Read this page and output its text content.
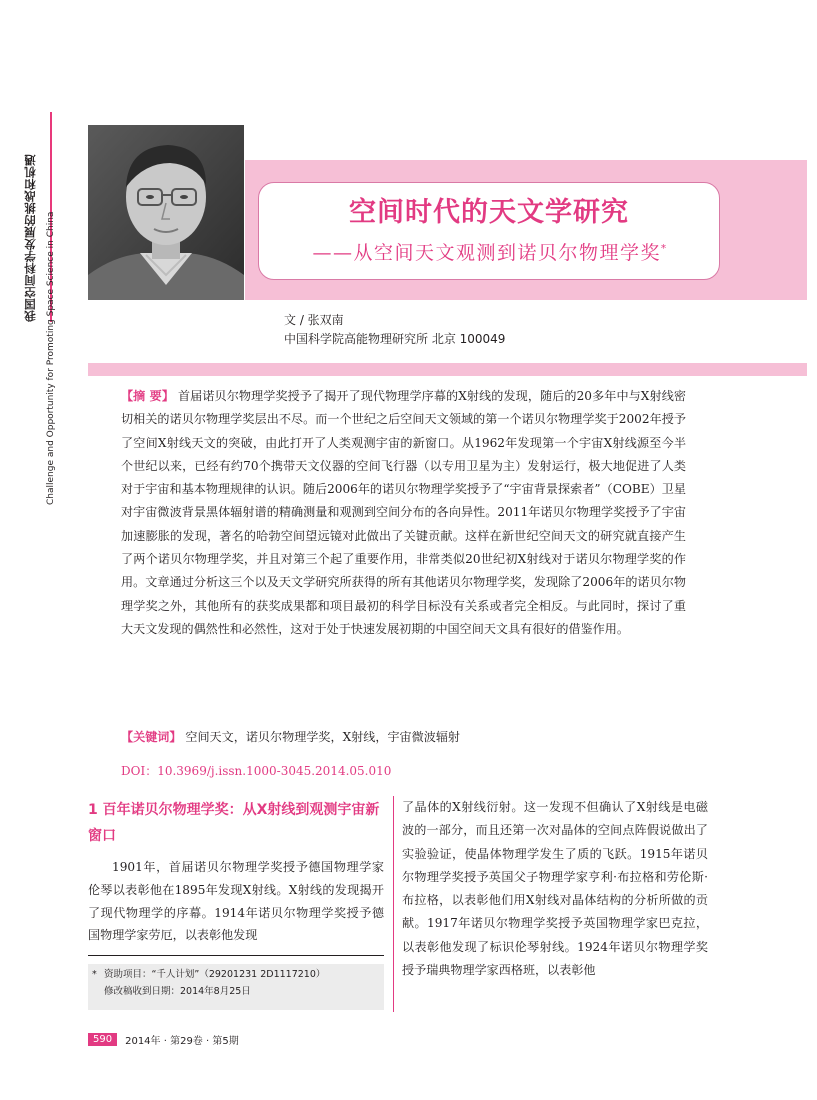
我国空间科学发展的挑战和机遇	Challenge and Opportunity for Promoting Space Science in China	空间时代的天文学研究
——从空间天文观测到诺贝尔物理学奖*
文 / 张双南
中国科学院高能物理研究所 北京 100049
【摘 要】 首届诺贝尔物理学奖授予了揭开了现代物理学序幕的X射线的发现，随后的20多年中与X射线密切相关的诺贝尔物理学奖层出不尽。而一个世纪之后空间天文领域的第一个诺贝尔物理学奖于2002年授予了空间X射线天文的突破，由此打开了人类观测宇宙的新窗口。从1962年发现第一个宇宙X射线源至今半个世纪以来，已经有约70个携带天文仪器的空间飞行器（以专用卫星为主）发射运行，极大地促进了人类对于宇宙和基本物理规律的认识。随后2006年的诺贝尔物理学奖授予了“宇宙背景探索者”（COBE）卫星对宇宙微波背景黑体辐射谱的精确测量和观测到空间分布的各向异性。2011年诺贝尔物理学奖授予了宇宙加速膨胀的发现，著名的哈勃空间望远镜对此做出了关键贡献。这样在新世纪空间天文的研究就直接产生了两个诺贝尔物理学奖，并且对第三个起了重要作用，非常类似20世纪初X射线对于诺贝尔物理学奖的作用。文章通过分析这三个以及天文学研究所获得的所有其他诺贝尔物理学奖，发现除了2006年的诺贝尔物理学奖之外，其他所有的获奖成果都和项目最初的科学目标没有关系或者完全相反。与此同时，探讨了重大天文发现的偶然性和必然性，这对于处于快速发展初期的中国空间天文具有很好的借鉴作用。
【关键词】 空间天文，诺贝尔物理学奖，X射线，宇宙微波辐射
DOI：10.3969/j.issn.1000-3045.2014.05.010
1 百年诺贝尔物理学奖：从X射线到观测宇宙新窗口
1901年，首届诺贝尔物理学奖授予德国物理学家伦琴以表彰他在1895年发现X射线。X射线的发现揭开了现代物理学的序幕。1914年诺贝尔物理学奖授予德国物理学家劳厄，以表彰他发现
了晶体的X射线衍射。这一发现不但确认了X射线是电磁波的一部分，而且还第一次对晶体的空间点阵假说做出了实验验证，使晶体物理学发生了质的飞跃。1915年诺贝尔物理学奖授予英国父子物理学家亨利·布拉格和劳伦斯·布拉格，以表彰他们用X射线对晶体结构的分析所做的贡献。1917年诺贝尔物理学奖授予英国物理学家巴克拉，以表彰他发现了标识伦琴射线。1924年诺贝尔物理学奖授予瑞典物理学家西格班，以表彰他
* 资助项目：“千人计划”（29201231 2D1117210）
修改稿收到日期：2014年8月25日
590	2014年 · 第29卷 · 第5期
